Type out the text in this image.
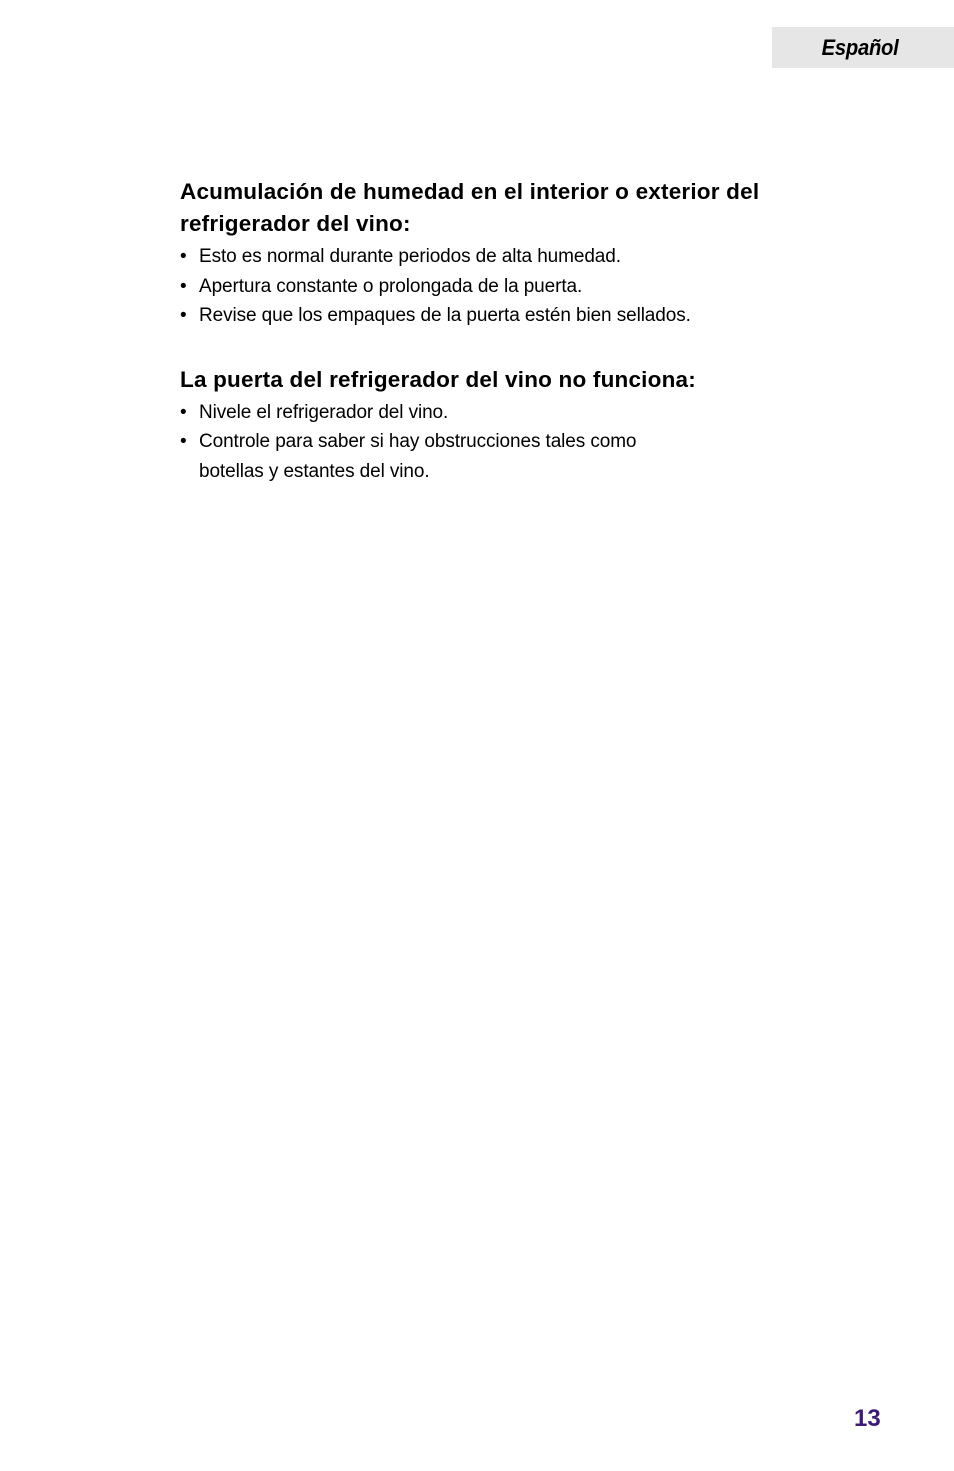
Español
Acumulación de humedad en el interior o exterior del refrigerador del vino:
• Esto es normal durante periodos de alta humedad.
• Apertura constante o prolongada de la puerta.
• Revise que los empaques de la puerta estén bien sellados.
La puerta del refrigerador del vino no funciona:
• Nivele el refrigerador del vino.
• Controle para saber si hay obstrucciones tales como botellas y estantes del vino.
13
